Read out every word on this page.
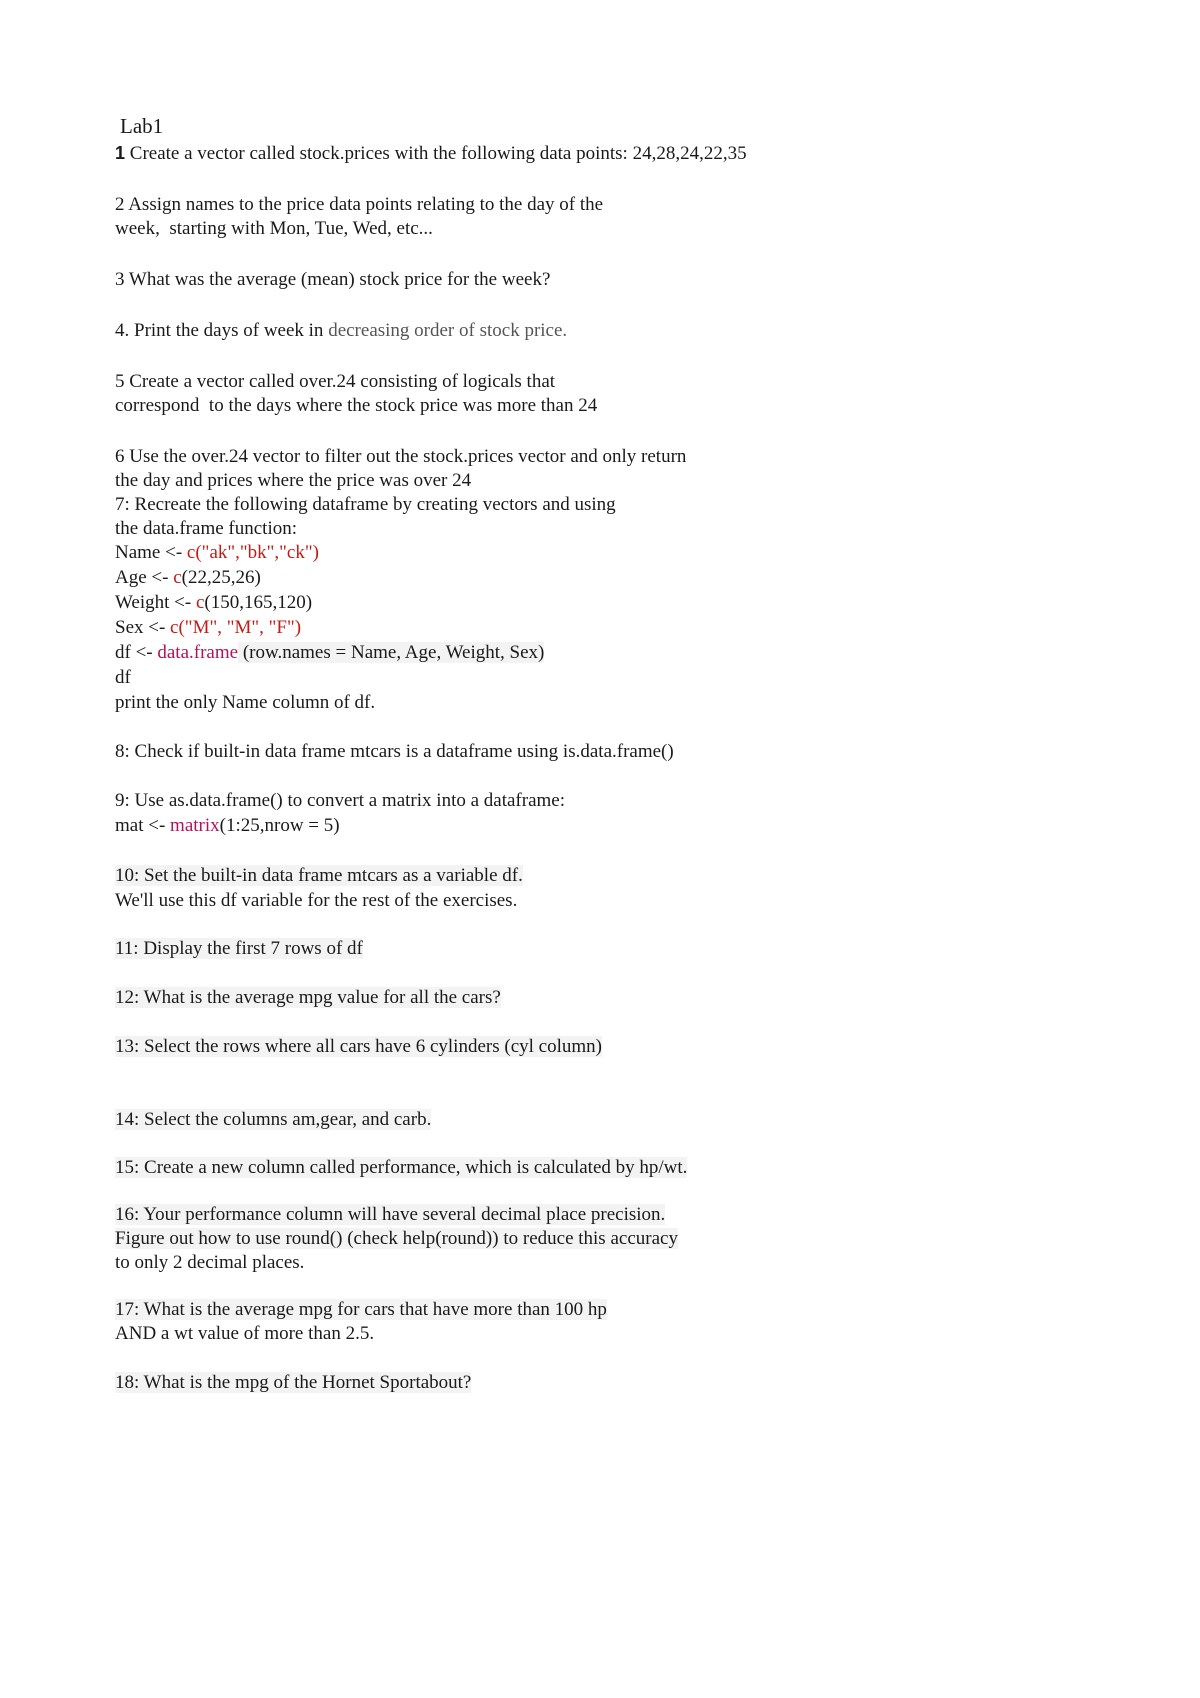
Lab1
1 Create a vector called stock.prices with the following data points: 24,28,24,22,35
2 Assign names to the price data points relating to the day of the
week,  starting with Mon, Tue, Wed, etc...
3 What was the average (mean) stock price for the week?
4. Print the days of week in decreasing order of stock price.
5 Create a vector called over.24 consisting of logicals that
correspond  to the days where the stock price was more than 24
6 Use the over.24 vector to filter out the stock.prices vector and only return
the day and prices where the price was over 24
7: Recreate the following dataframe by creating vectors and using
the data.frame function:
Name <- c("ak","bk","ck")
Age <- c(22,25,26)
Weight <- c(150,165,120)
Sex <- c("M", "M", "F")
df <- data.frame (row.names = Name, Age, Weight, Sex)
df
print the only Name column of df.
8: Check if built-in data frame mtcars is a dataframe using is.data.frame()
9: Use as.data.frame() to convert a matrix into a dataframe:
mat <- matrix(1:25,nrow = 5)
10: Set the built-in data frame mtcars as a variable df.
We'll use this df variable for the rest of the exercises.
11: Display the first 7 rows of df
12: What is the average mpg value for all the cars?
13: Select the rows where all cars have 6 cylinders (cyl column)
14: Select the columns am,gear, and carb.
15: Create a new column called performance, which is calculated by hp/wt.
16: Your performance column will have several decimal place precision.
Figure out how to use round() (check help(round)) to reduce this accuracy
to only 2 decimal places.
17: What is the average mpg for cars that have more than 100 hp
AND a wt value of more than 2.5.
18: What is the mpg of the Hornet Sportabout?
